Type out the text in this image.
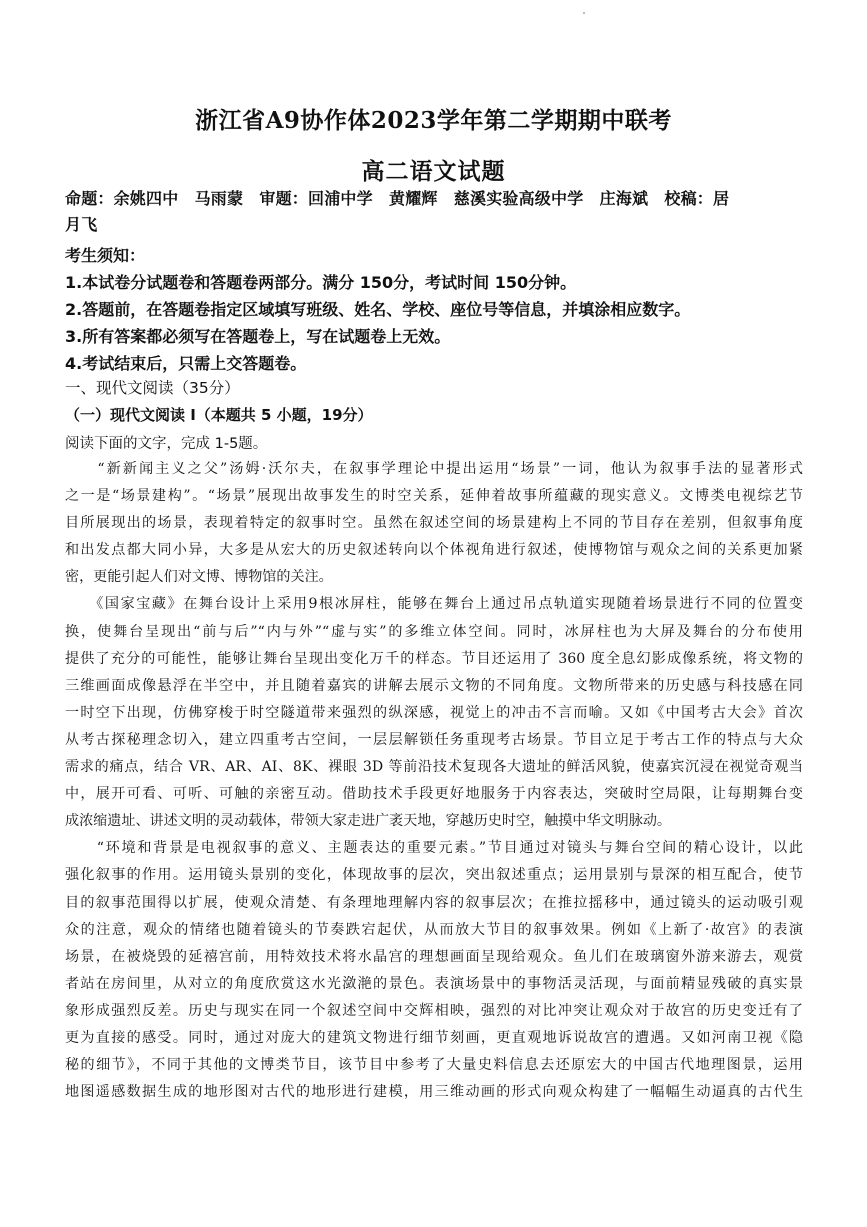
浙江省A9协作体2023学年第二学期期中联考
高二语文试题
命题：余姚四中　马雨蒙　审题：回浦中学　黄耀辉　慈溪实验高级中学　庄海斌　校稿：居
月飞
考生须知：
1.本试卷分试题卷和答题卷两部分。满分 150分，考试时间 150分钟。
2.答题前，在答题卷指定区域填写班级、姓名、学校、座位号等信息，并填涂相应数字。
3.所有答案都必须写在答题卷上，写在试题卷上无效。
4.考试结束后，只需上交答题卷。
一、现代文阅读（35分）
（一）现代文阅读 I（本题共 5 小题，19分）
阅读下面的文字，完成 1-5题。
　　“新新闻主义之父”汤姆·沃尔夫，在叙事学理论中提出运用“场景”一词，他认为叙事手法的显著形式
之一是“场景建构”。“场景”展现出故事发生的时空关系，延伸着故事所蕴藏的现实意义。文博类电视综艺节
目所展现出的场景，表现着特定的叙事时空。虽然在叙述空间的场景建构上不同的节目存在差别，但叙事角度
和出发点都大同小异，大多是从宏大的历史叙述转向以个体视角进行叙述，使博物馆与观众之间的关系更加紧
密，更能引起人们对文博、博物馆的关注。
　　《国家宝藏》在舞台设计上采用9根冰屏柱，能够在舞台上通过吊点轨道实现随着场景进行不同的位置变
换，使舞台呈现出“前与后”“内与外”“虚与实”的多维立体空间。同时，冰屏柱也为大屏及舞台的分布使用
提供了充分的可能性，能够让舞台呈现出变化万千的样态。节目还运用了 360 度全息幻影成像系统，将文物的
三维画面成像悬浮在半空中，并且随着嘉宾的讲解去展示文物的不同角度。文物所带来的历史感与科技感在同
一时空下出现，仿佛穿梭于时空隧道带来强烈的纵深感，视觉上的冲击不言而喻。又如《中国考古大会》首次
从考古探秘理念切入，建立四重考古空间，一层层解锁任务重现考古场景。节目立足于考古工作的特点与大众
需求的痛点，结合 VR、AR、AI、8K、裸眼 3D 等前沿技术复现各大遗址的鲜活风貌，使嘉宾沉浸在视觉奇观当
中，展开可看、可听、可触的亲密互动。借助技术手段更好地服务于内容表达，突破时空局限，让每期舞台变
成浓缩遗址、讲述文明的灵动载体，带领大家走进广袤天地，穿越历史时空，触摸中华文明脉动。
　　“环境和背景是电视叙事的意义、主题表达的重要元素。”节目通过对镜头与舞台空间的精心设计，以此
强化叙事的作用。运用镜头景别的变化，体现故事的层次，突出叙述重点；运用景别与景深的相互配合，使节
目的叙事范围得以扩展，使观众清楚、有条理地理解内容的叙事层次；在推拉摇移中，通过镜头的运动吸引观
众的注意，观众的情绪也随着镜头的节奏跌宕起伏，从而放大节目的叙事效果。例如《上新了·故宫》的表演
场景，在被烧毁的延禧宫前，用特效技术将水晶宫的理想画面呈现给观众。鱼儿们在玻璃窗外游来游去，观赏
者站在房间里，从对立的角度欣赏这水光潋滟的景色。表演场景中的事物活灵活现，与面前精显残破的真实景
象形成强烈反差。历史与现实在同一个叙述空间中交辉相映，强烈的对比冲突让观众对于故宫的历史变迁有了
更为直接的感受。同时，通过对庞大的建筑文物进行细节刻画，更直观地诉说故宫的遭遇。又如河南卫视《隐
秘的细节》，不同于其他的文博类节目，该节目中参考了大量史料信息去还原宏大的中国古代地理图景，运用
地图遥感数据生成的地形图对古代的地形进行建模，用三维动画的形式向观众构建了一幅幅生动逼真的古代生
